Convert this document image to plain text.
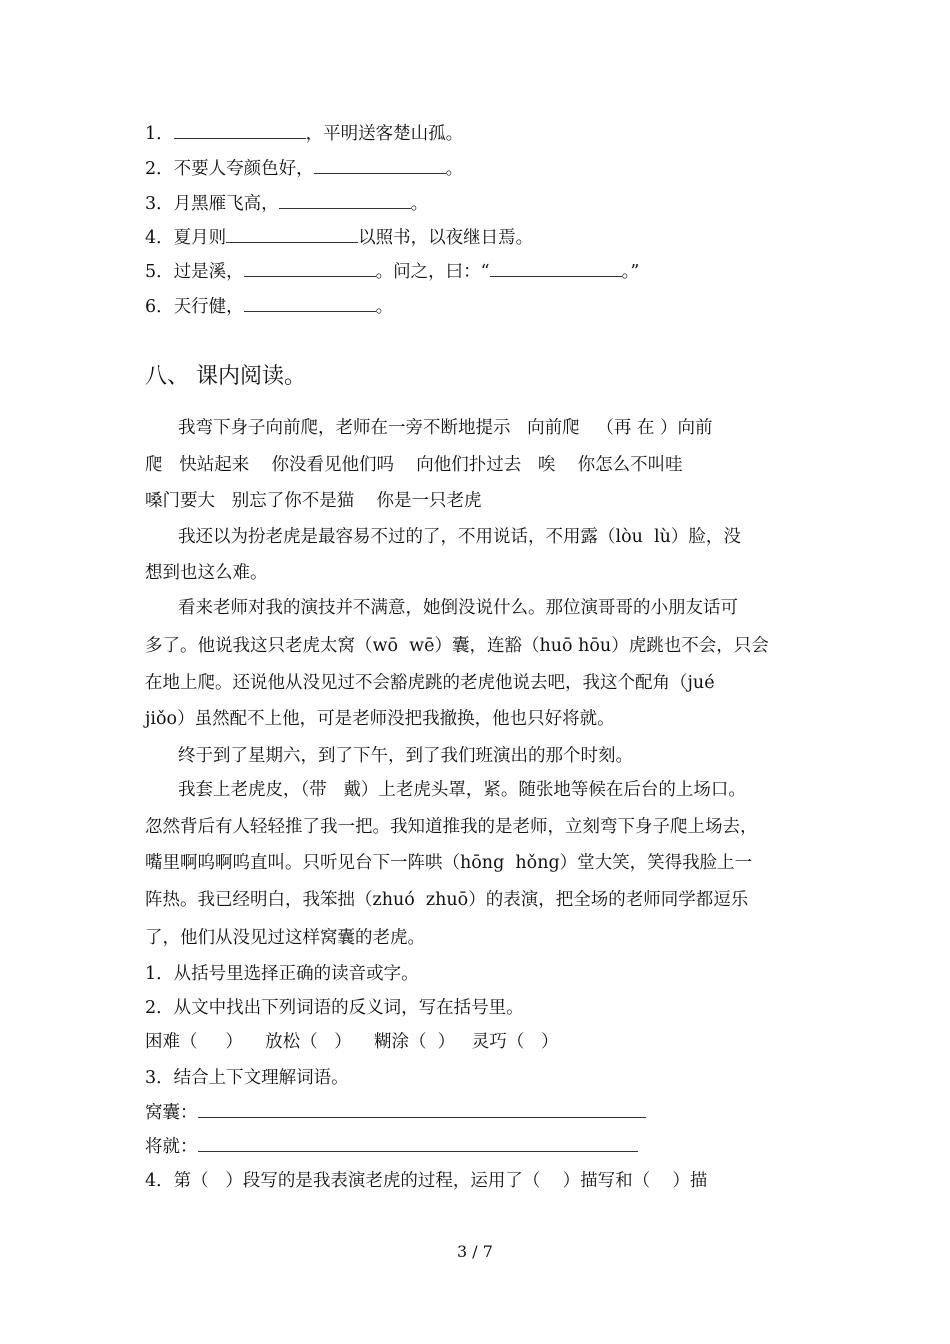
1．	，平明送客楚山孤。
2．不要人夸颜色好，	。
3．月黑雁飞高，	。
4．夏月则	以照书，以夜继日焉。
5．过是溪，	。问之，曰：“	。”
6．天行健，	。
八、 课内阅读。
我弯下身子向前爬，老师在一旁不断地提示   向前爬   （再 在 ）向前
爬   快站起来    你没看见他们吗    向他们扑过去   唉    你怎么不叫哇
嗓门要大   别忘了你不是猫    你是一只老虎
我还以为扮老虎是最容易不过的了，不用说话，不用露（lòu  lù）脸，没
想到也这么难。
看来老师对我的演技并不满意，她倒没说什么。那位演哥哥的小朋友话可
多了。他说我这只老虎太窝（wō  wē）囊，连豁（huō hōu）虎跳也不会，只会
在地上爬。还说他从没见过不会豁虎跳的老虎他说去吧，我这个配角（jué
jiǒo）虽然配不上他，可是老师没把我撤换，他也只好将就。
终于到了星期六，到了下午，到了我们班演出的那个时刻。
我套上老虎皮，（带   戴）上老虎头罩，紧。随张地等候在后台的上场口。
忽然背后有人轻轻推了我一把。我知道推我的是老师，立刻弯下身子爬上场去，
嘴里啊呜啊呜直叫。只听见台下一阵哄（hōng  hǒng）堂大笑，笑得我脸上一
阵热。我已经明白，我笨拙（zhuó  zhuō）的表演，把全场的老师同学都逗乐
了，他们从没见过这样窝囊的老虎。
1．从括号里选择正确的读音或字。
2．从文中找出下列词语的反义词，写在括号里。
困难（     ）    放松（   ）    糊涂（  ）   灵巧（   ）
3．结合上下文理解词语。
窝囊：
将就：
4．第（   ）段写的是我表演老虎的过程，运用了（    ）描写和（    ）描
3 / 7
